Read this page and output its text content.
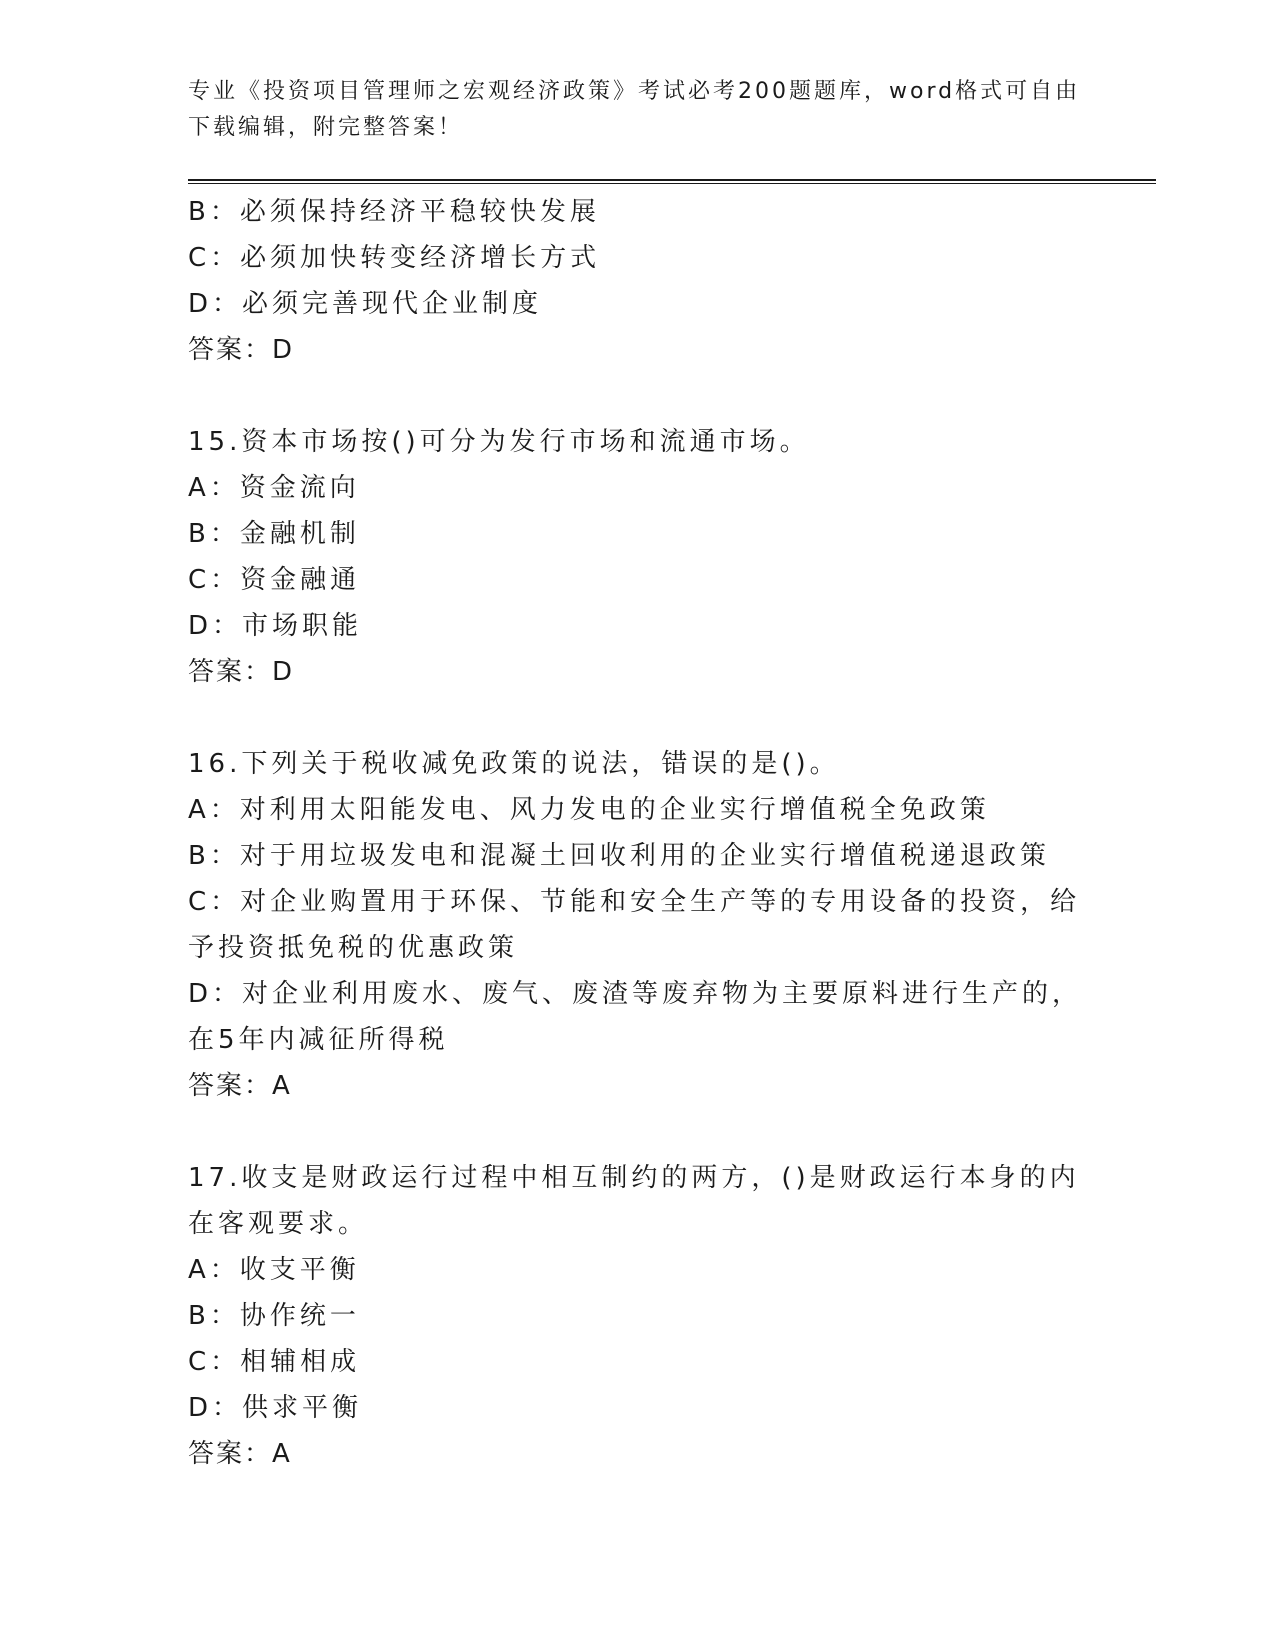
专业《投资项目管理师之宏观经济政策》考试必考200题题库，word格式可自由下载编辑，附完整答案！
B：必须保持经济平稳较快发展
C：必须加快转变经济增长方式
D：必须完善现代企业制度
答案：D
15.资本市场按()可分为发行市场和流通市场。
A：资金流向
B：金融机制
C：资金融通
D：市场职能
答案：D
16.下列关于税收减免政策的说法，错误的是()。
A：对利用太阳能发电、风力发电的企业实行增值税全免政策
B：对于用垃圾发电和混凝土回收利用的企业实行增值税递退政策
C：对企业购置用于环保、节能和安全生产等的专用设备的投资，给予投资抵免税的优惠政策
D：对企业利用废水、废气、废渣等废弃物为主要原料进行生产的，在5年内减征所得税
答案：A
17.收支是财政运行过程中相互制约的两方，()是财政运行本身的内在客观要求。
A：收支平衡
B：协作统一
C：相辅相成
D：供求平衡
答案：A
